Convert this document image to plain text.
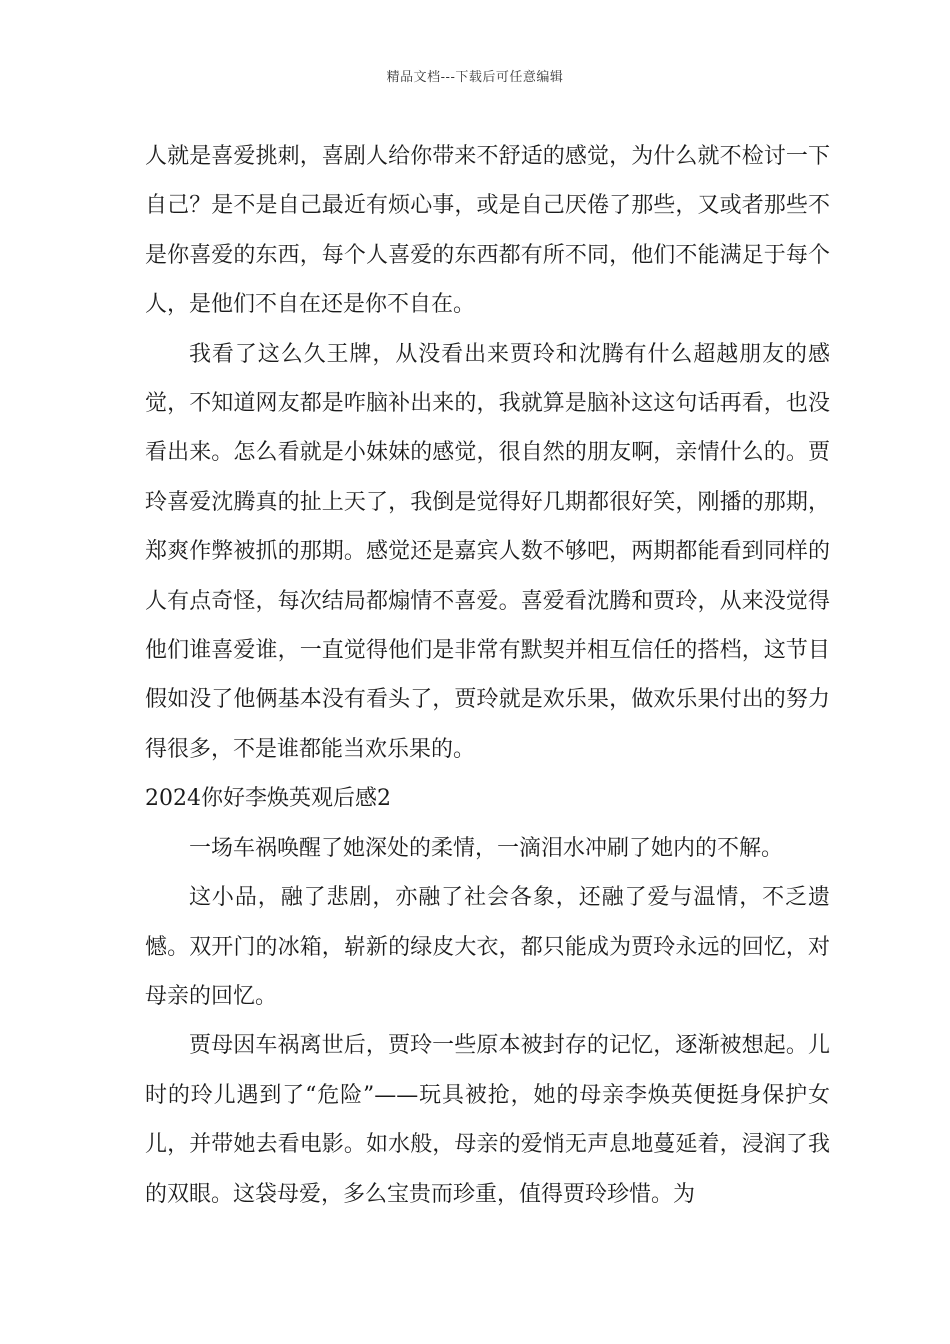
精品文档---下载后可任意编辑

人就是喜爱挑刺，喜剧人给你带来不舒适的感觉，为什么就不检讨一下自己？是不是自己最近有烦心事，或是自己厌倦了那些，又或者那些不是你喜爱的东西，每个人喜爱的东西都有所不同，他们不能满足于每个人，是他们不自在还是你不自在。

我看了这么久王牌，从没看出来贾玲和沈腾有什么超越朋友的感觉，不知道网友都是咋脑补出来的，我就算是脑补这这句话再看，也没看出来。怎么看就是小妹妹的感觉，很自然的朋友啊，亲情什么的。贾玲喜爱沈腾真的扯上天了，我倒是觉得好几期都很好笑，刚播的那期，郑爽作弊被抓的那期。感觉还是嘉宾人数不够吧，两期都能看到同样的人有点奇怪，每次结局都煽情不喜爱。喜爱看沈腾和贾玲，从来没觉得他们谁喜爱谁，一直觉得他们是非常有默契并相互信任的搭档，这节目假如没了他俩基本没有看头了，贾玲就是欢乐果，做欢乐果付出的努力得很多，不是谁都能当欢乐果的。

2024你好李焕英观后感2

一场车祸唤醒了她深处的柔情，一滴泪水冲刷了她内的不解。

这小品，融了悲剧，亦融了社会各象，还融了爱与温情，不乏遗憾。双开门的冰箱，崭新的绿皮大衣，都只能成为贾玲永远的回忆，对母亲的回忆。

贾母因车祸离世后，贾玲一些原本被封存的记忆，逐渐被想起。儿时的玲儿遇到了“危险”——玩具被抢，她的母亲李焕英便挺身保护女儿，并带她去看电影。如水般，母亲的爱悄无声息地蔓延着，浸润了我的双眼。这袋母爱，多么宝贵而珍重，值得贾玲珍惜。为
